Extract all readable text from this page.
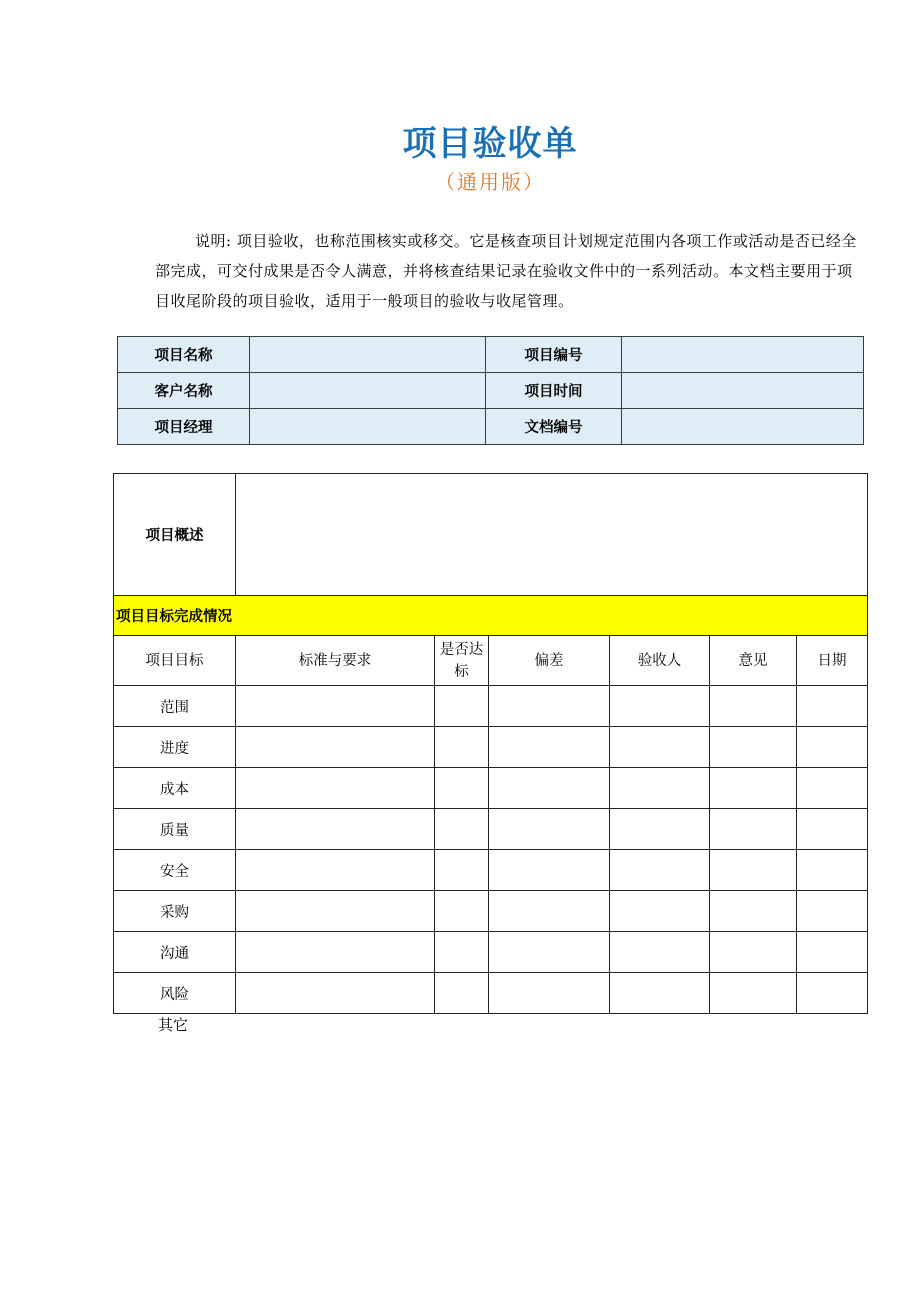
项目验收单
（通用版）
说明: 项目验收，也称范围核实或移交。它是核查项目计划规定范围内各项工作或活动是否已经全部完成，可交付成果是否令人满意，并将核查结果记录在验收文件中的一系列活动。本文档主要用于项目收尾阶段的项目验收，适用于一般项目的验收与收尾管理。
项目名称		项目编号	
客户名称		项目时间	
项目经理		文档编号	
项目概述						
项目目标完成情况						
项目目标	标准与要求	是否达标	偏差	验收人	意见	日期
范围						
进度						
成本						
质量						
安全						
采购						
沟通						
风险						
其它
